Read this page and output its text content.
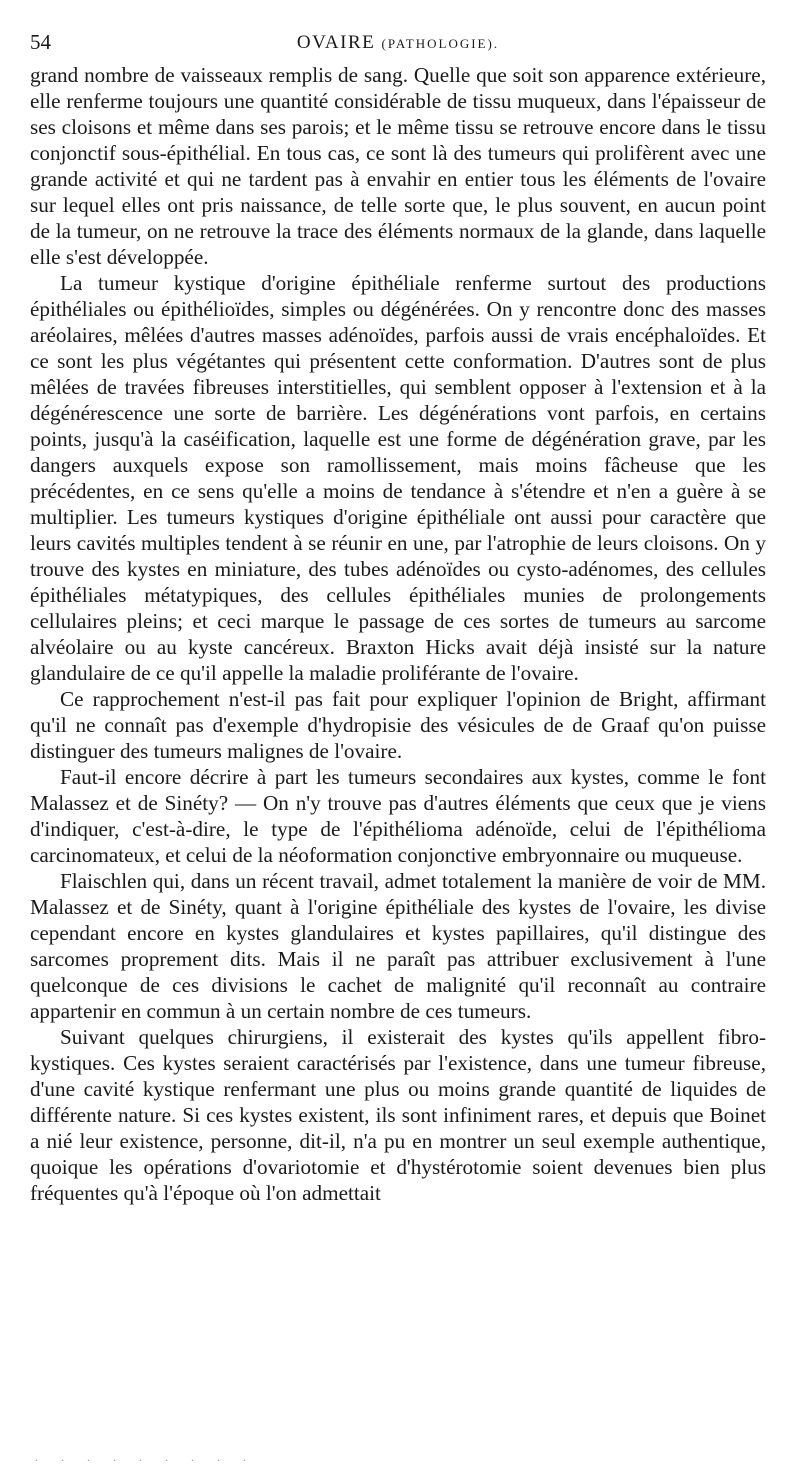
54	OVAIRE (PATHOLOGIE).

grand nombre de vaisseaux remplis de sang. Quelle que soit son apparence extérieure, elle renferme toujours une quantité considérable de tissu muqueux, dans l'épaisseur de ses cloisons et même dans ses parois; et le même tissu se retrouve encore dans le tissu conjonctif sous-épithélial. En tous cas, ce sont là des tumeurs qui prolifèrent avec une grande activité et qui ne tardent pas à envahir en entier tous les éléments de l'ovaire sur lequel elles ont pris naissance, de telle sorte que, le plus souvent, en aucun point de la tumeur, on ne retrouve la trace des éléments normaux de la glande, dans laquelle elle s'est développée.

La tumeur kystique d'origine épithéliale renferme surtout des productions épithéliales ou épithélioïdes, simples ou dégénérées. On y rencontre donc des masses aréolaires, mêlées d'autres masses adénoïdes, parfois aussi de vrais encéphaloïdes. Et ce sont les plus végétantes qui présentent cette conformation. D'autres sont de plus mêlées de travées fibreuses interstitielles, qui semblent opposer à l'extension et à la dégénérescence une sorte de barrière. Les dégénérations vont parfois, en certains points, jusqu'à la caséification, laquelle est une forme de dégénération grave, par les dangers auxquels expose son ramollissement, mais moins fâcheuse que les précédentes, en ce sens qu'elle a moins de tendance à s'étendre et n'en a guère à se multiplier. Les tumeurs kystiques d'origine épithéliale ont aussi pour caractère que leurs cavités multiples tendent à se réunir en une, par l'atrophie de leurs cloisons. On y trouve des kystes en miniature, des tubes adénoïdes ou cysto-adénomes, des cellules épithéliales métatypiques, des cellules épithéliales munies de prolongements cellulaires pleins; et ceci marque le passage de ces sortes de tumeurs au sarcome alvéolaire ou au kyste cancéreux. Braxton Hicks avait déjà insisté sur la nature glandulaire de ce qu'il appelle la maladie proliférante de l'ovaire.

Ce rapprochement n'est-il pas fait pour expliquer l'opinion de Bright, affirmant qu'il ne connaît pas d'exemple d'hydropisie des vésicules de de Graaf qu'on puisse distinguer des tumeurs malignes de l'ovaire.

Faut-il encore décrire à part les tumeurs secondaires aux kystes, comme le font Malassez et de Sinéty? — On n'y trouve pas d'autres éléments que ceux que je viens d'indiquer, c'est-à-dire, le type de l'épithélioma adénoïde, celui de l'épithélioma carcinomateux, et celui de la néoformation conjonctive embryonnaire ou muqueuse.

Flaischlen qui, dans un récent travail, admet totalement la manière de voir de MM. Malassez et de Sinéty, quant à l'origine épithéliale des kystes de l'ovaire, les divise cependant encore en kystes glandulaires et kystes papillaires, qu'il distingue des sarcomes proprement dits. Mais il ne paraît pas attribuer exclusivement à l'une quelconque de ces divisions le cachet de malignité qu'il reconnaît au contraire appartenir en commun à un certain nombre de ces tumeurs.

Suivant quelques chirurgiens, il existerait des kystes qu'ils appellent fibro-kystiques. Ces kystes seraient caractérisés par l'existence, dans une tumeur fibreuse, d'une cavité kystique renfermant une plus ou moins grande quantité de liquides de différente nature. Si ces kystes existent, ils sont infiniment rares, et depuis que Boinet a nié leur existence, personne, dit-il, n'a pu en montrer un seul exemple authentique, quoique les opérations d'ovariotomie et d'hystérotomie soient devenues bien plus fréquentes qu'à l'époque où l'on admettait

. . . . . . . . .
